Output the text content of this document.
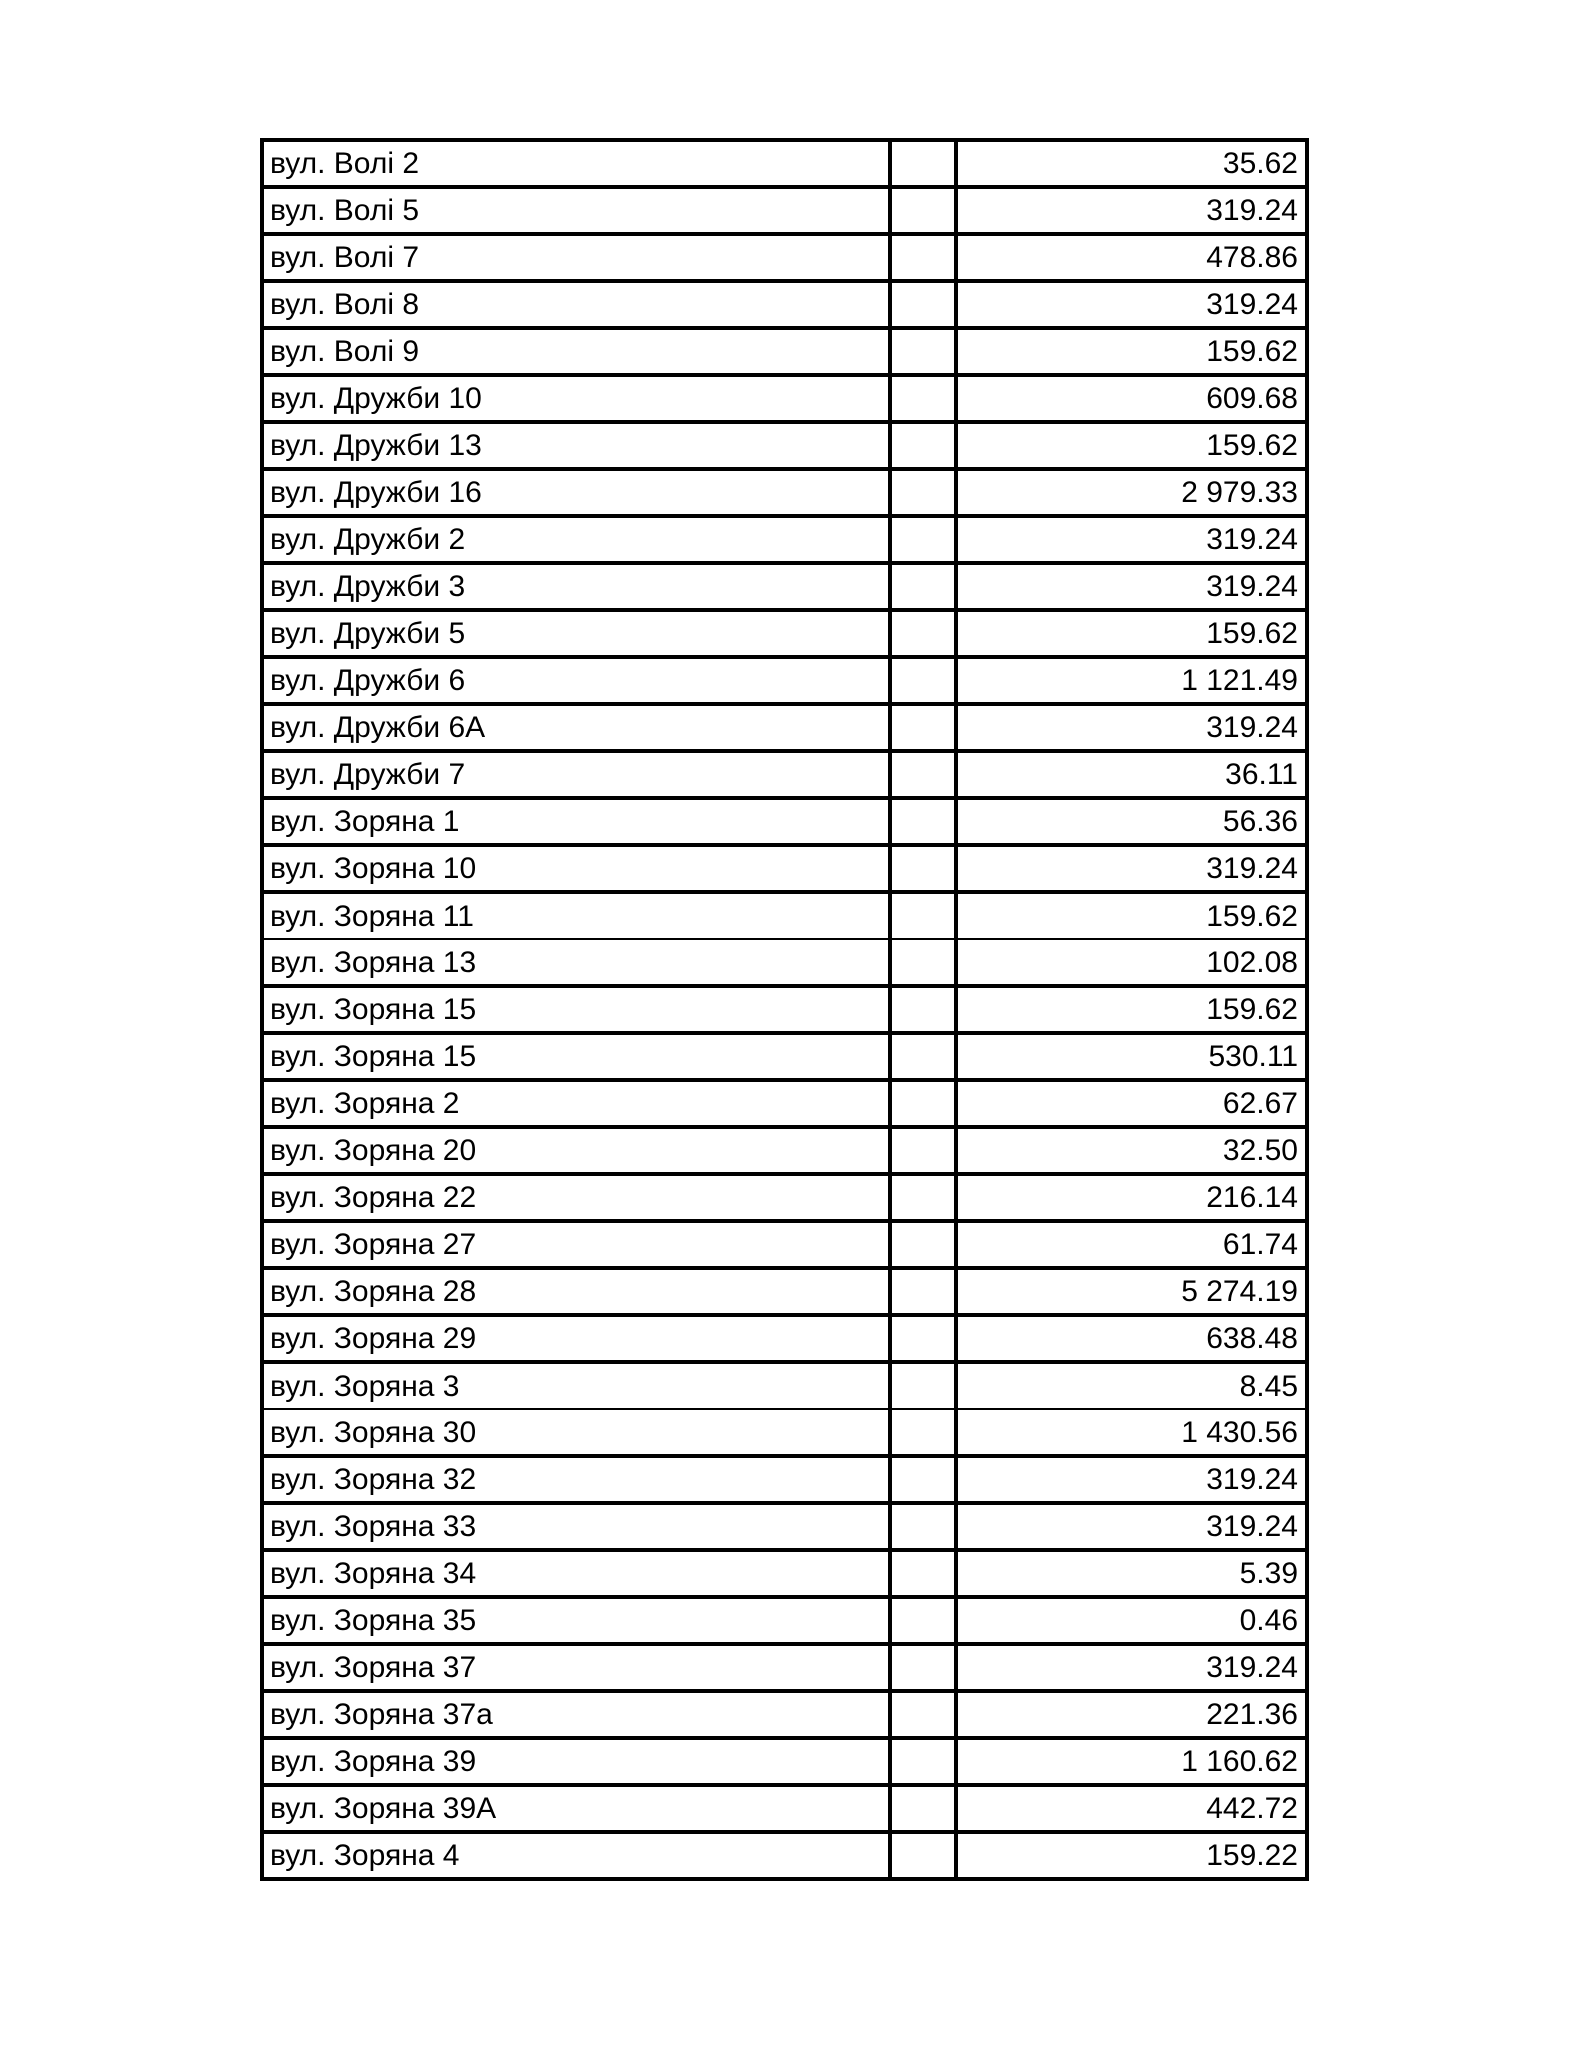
вул. Волі 2		35.62
вул. Волі 5		319.24
вул. Волі 7		478.86
вул. Волі 8		319.24
вул. Волі 9		159.62
вул. Дружби 10		609.68
вул. Дружби 13		159.62
вул. Дружби 16		2 979.33
вул. Дружби 2		319.24
вул. Дружби 3		319.24
вул. Дружби 5		159.62
вул. Дружби 6		1 121.49
вул. Дружби 6А		319.24
вул. Дружби 7		36.11
вул. Зоряна 1		56.36
вул. Зоряна 10		319.24
вул. Зоряна 11		159.62
вул. Зоряна 13		102.08
вул. Зоряна 15		159.62
вул. Зоряна 15		530.11
вул. Зоряна 2		62.67
вул. Зоряна 20		32.50
вул. Зоряна 22		216.14
вул. Зоряна 27		61.74
вул. Зоряна 28		5 274.19
вул. Зоряна 29		638.48
вул. Зоряна 3		8.45
вул. Зоряна 30		1 430.56
вул. Зоряна 32		319.24
вул. Зоряна 33		319.24
вул. Зоряна 34		5.39
вул. Зоряна 35		0.46
вул. Зоряна 37		319.24
вул. Зоряна 37а		221.36
вул. Зоряна 39		1 160.62
вул. Зоряна 39А		442.72
вул. Зоряна 4		159.22
